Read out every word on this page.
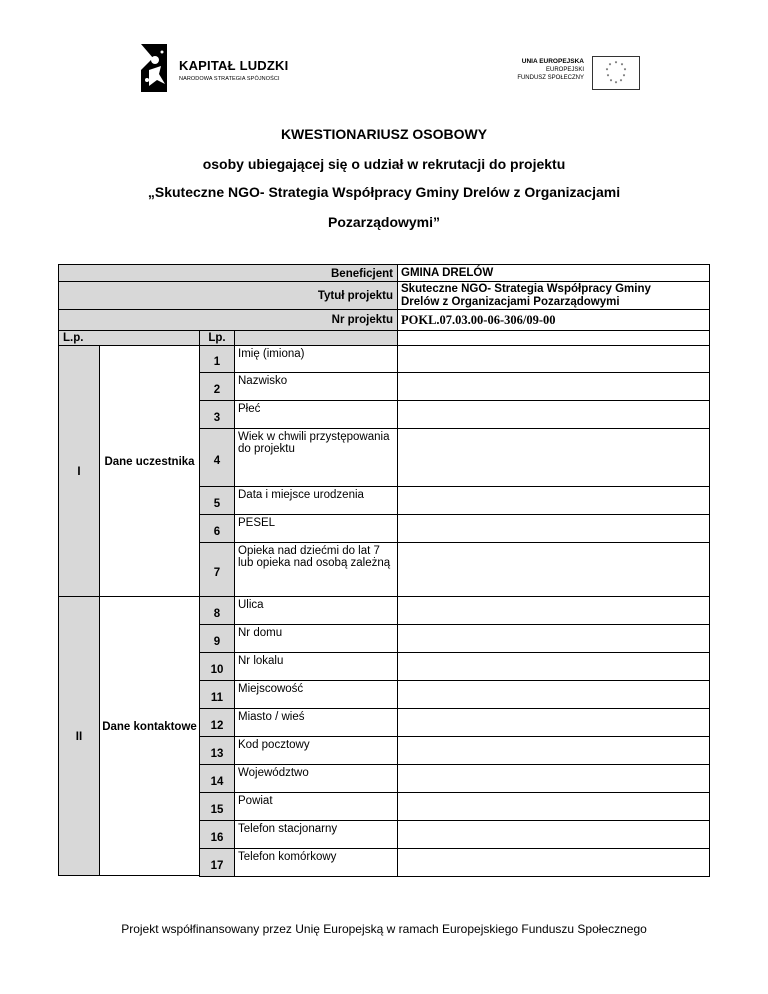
KAPITAŁ LUDZKI
NARODOWA STRATEGIA SPÓJNOŚCI
UNIA EUROPEJSKA
EUROPEJSKI
FUNDUSZ SPOŁECZNY
* *
*
*
*
*
*
*
*
*
KWESTIONARIUSZ OSOBOWY
osoby ubiegającej się o udział w rekrutacji do projektu
„Skuteczne NGO- Strategia Współpracy Gminy Drelów z Organizacjami
Pozarządowymi”
Beneficjent GMINA DRELÓW
Tytuł projektu
Skuteczne NGO- Strategia Współpracy Gminy
Drelów z Organizacjami Pozarządowymi
Nr projektu POKL.07.03.00-06-306/09-00
L.p.	Lp.
I
Dane uczestnika
II
Dane kontaktowe
1
Imię (imiona)
2
Nazwisko
3
Płeć
4
Wiek w chwili przystępowania do projektu
5
Data i miejsce urodzenia
6
PESEL
7
Opieka nad dziećmi do lat 7 lub opieka nad osobą zależną
8
Ulica
9
Nr domu
10
Nr lokalu
11
Miejscowość
12
Miasto / wieś
13
Kod pocztowy
14
Województwo
15
Powiat
16
Telefon stacjonarny
17
Telefon komórkowy
Projekt współfinansowany przez Unię Europejską w ramach Europejskiego Funduszu Społecznego
